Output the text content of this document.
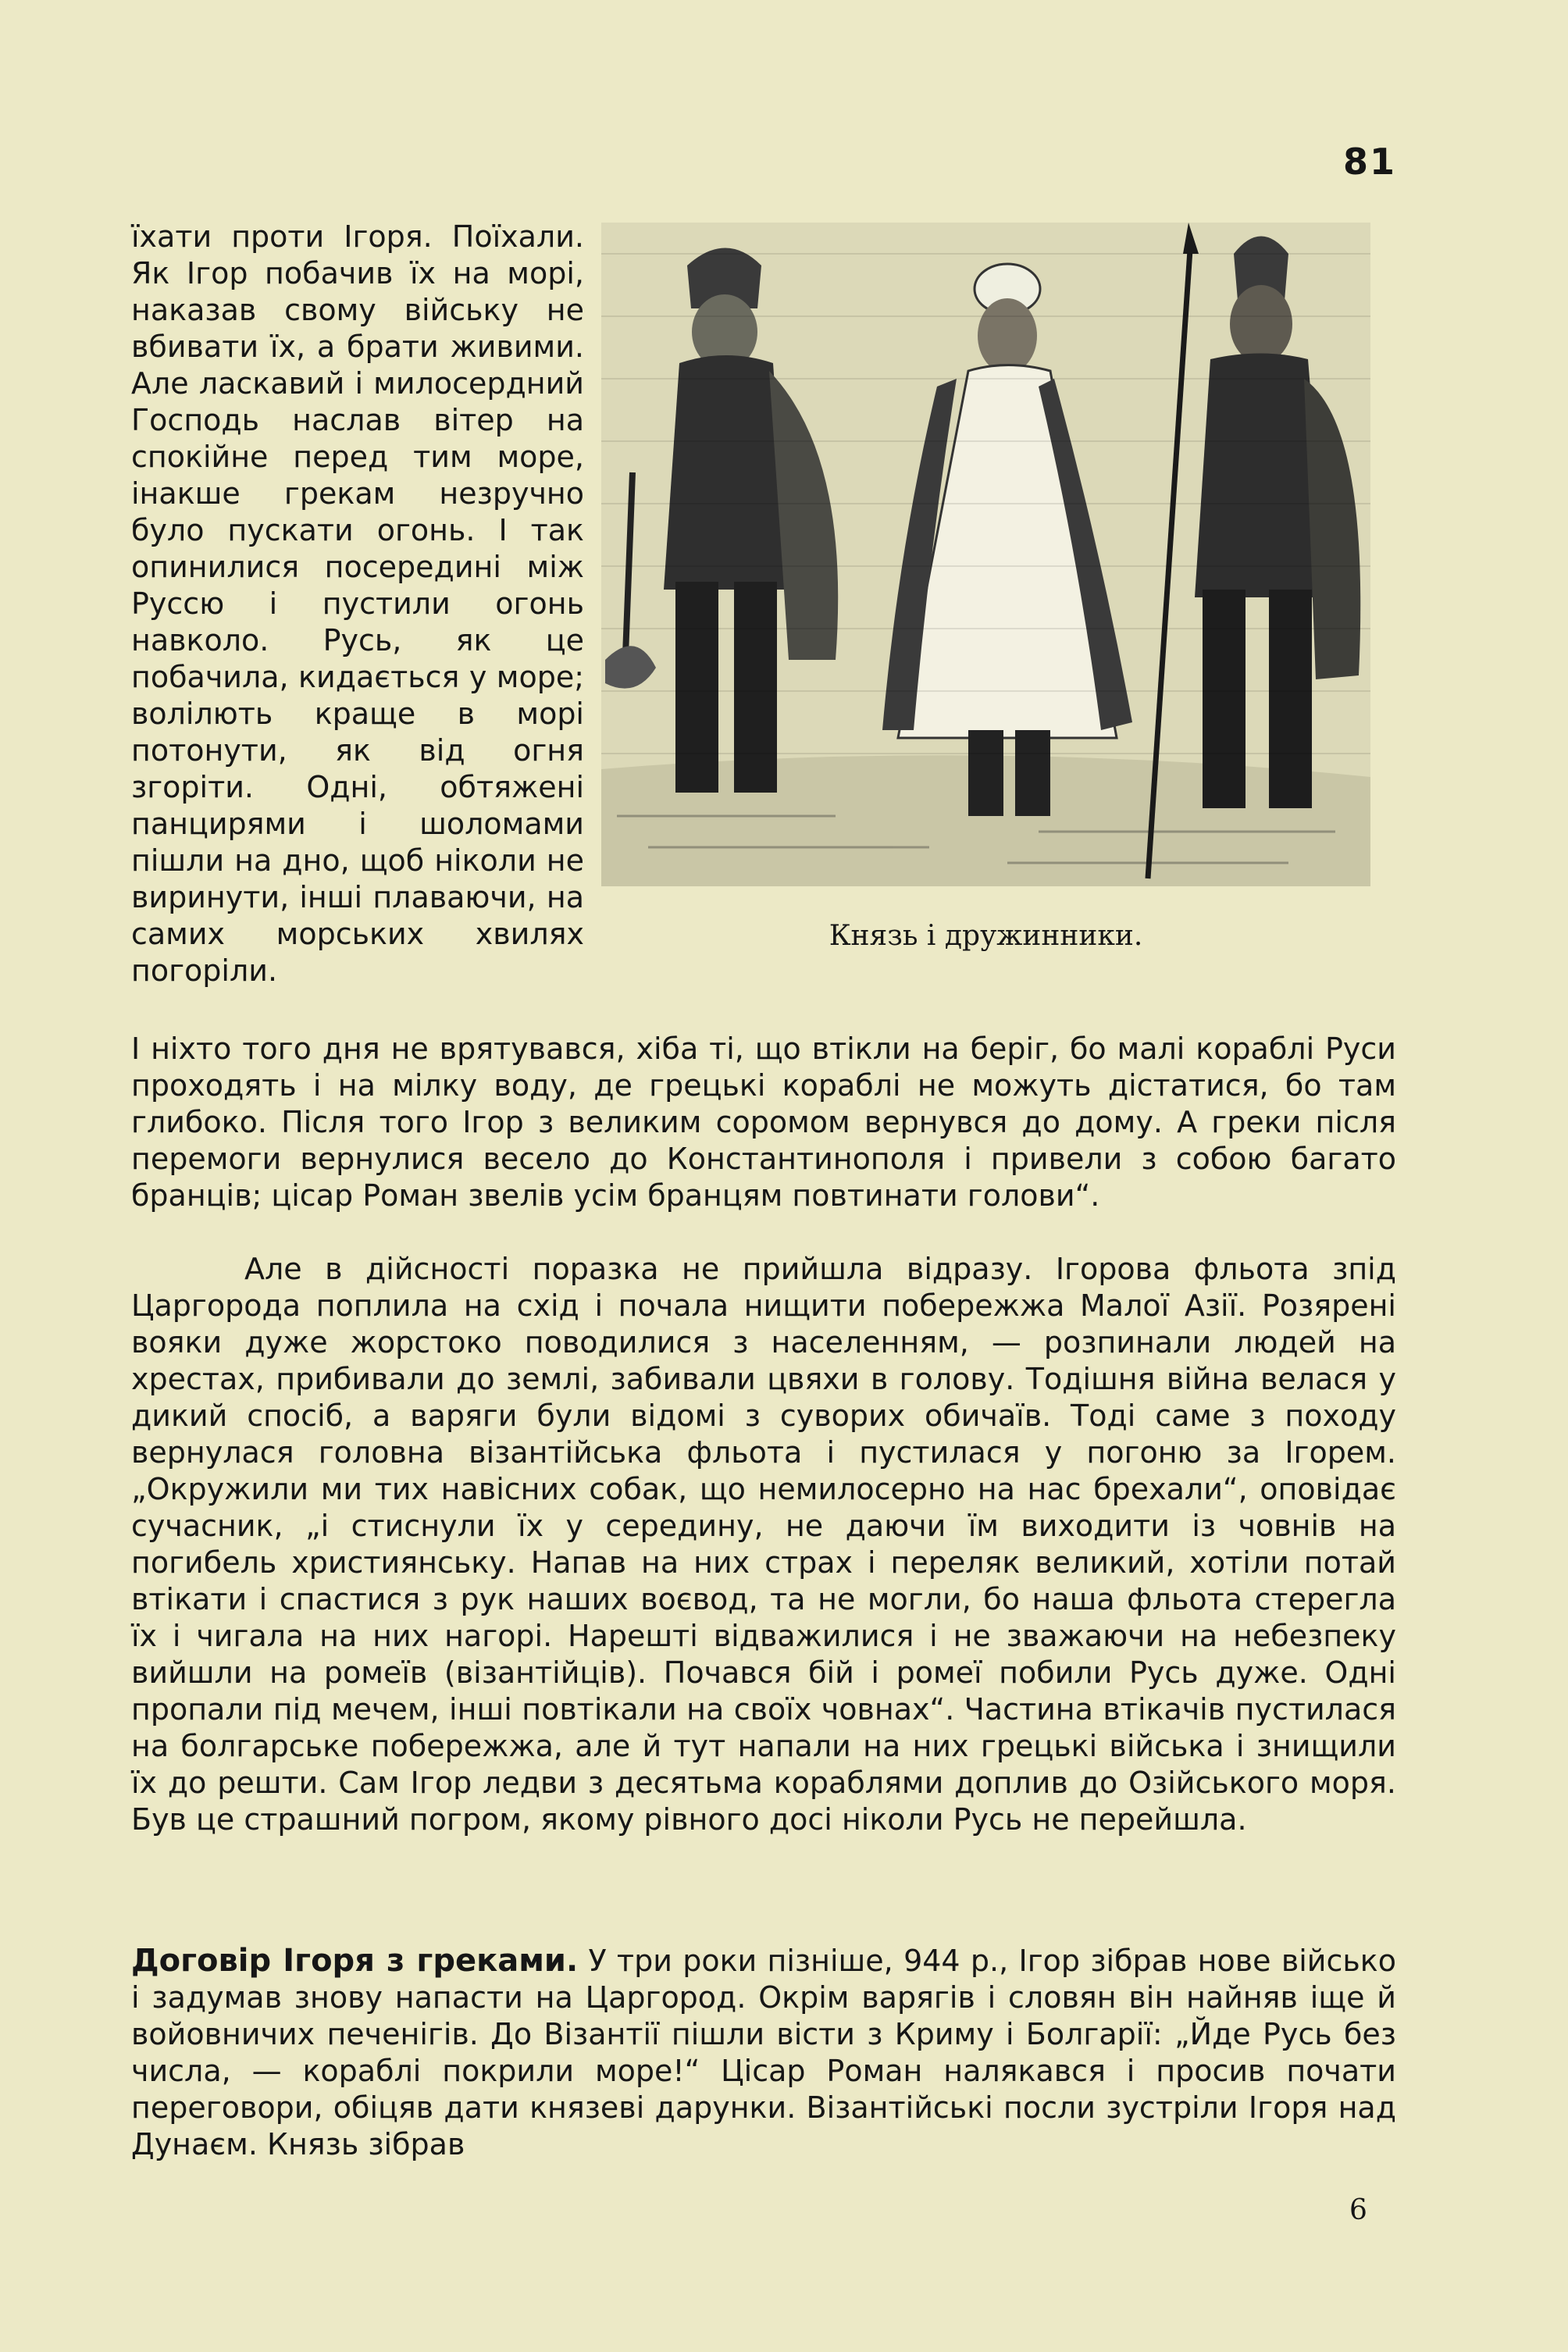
81
їхати проти Ігоря. Поїхали. Як Ігор побачив їх на морі, наказав свому війську не вбивати їх, а брати живими. Але ласкавий і милосердний Господь наслав вітер на спокійне перед тим море, інакше грекам незручно було пускати огонь. І так опинилися посередині між Руссю і пустили огонь навколо. Русь, як це побачила, кидається у море; волілють краще в морі потонути, як від огня згоріти. Одні, обтяжені панцирями і шоломами пішли на дно, щоб ніколи не виринути, інші плаваючи, на самих морських хвилях погоріли.
Князь і дружинники.
І ніхто того дня не врятувався, хіба ті, що втікли на беріг, бо малі кораблі Руси проходять і на мілку воду, де грецькі кораблі не можуть дістатися, бо там глибоко. Після того Ігор з великим соромом вернувся до дому. А греки після перемоги вернулися весело до Константинополя і привели з собою багато бранців; цісар Роман звелів усім бранцям повтинати голови“.
Але в дійсності поразка не прийшла відразу. Ігорова фльота зпід Царгорода поплила на схід і почала нищити побережжа Малої Азії. Розярені вояки дуже жорстоко поводилися з населенням, — розпинали людей на хрестах, прибивали до землі, забивали цвяхи в голову. Тодішня війна велася у дикий спосіб, а варяги були відомі з суворих обичаїв. Тоді саме з походу вернулася головна візантійська фльота і пустилася у погоню за Ігорем. „Окружили ми тих навісних собак, що немилосерно на нас брехали“, оповідає сучасник, „і стиснули їх у середину, не даючи їм виходити із човнів на погибель християнську. Напав на них страх і переляк великий, хотіли потай втікати і спастися з рук наших воєвод, та не могли, бо наша фльота стерегла їх і чигала на них нагорі. Нарешті відважилися і не зважаючи на небезпеку вийшли на ромеїв (візантійців). Почався бій і ромеї побили Русь дуже. Одні пропали під мечем, інші повтікали на своїх човнах“. Частина втікачів пустилася на болгарське побережжа, але й тут напали на них грецькі війська і знищили їх до решти. Сам Ігор ледви з десятьма кораблями доплив до Озійського моря. Був це страшний погром, якому рівного досі ніколи Русь не перейшла.
Договір Ігоря з греками. У три роки пізніше, 944 р., Ігор зібрав нове військо і задумав знову напасти на Царгород. Окрім варягів і словян він найняв іще й войовничих печенігів. До Візантії пішли вісти з Криму і Болгарії: „Йде Русь без числа, — кораблі покрили море!“ Цісар Роман налякався і просив почати переговори, обіцяв дати князеві дарунки. Візантійські посли зустріли Ігоря над Дунаєм. Князь зібрав
6
